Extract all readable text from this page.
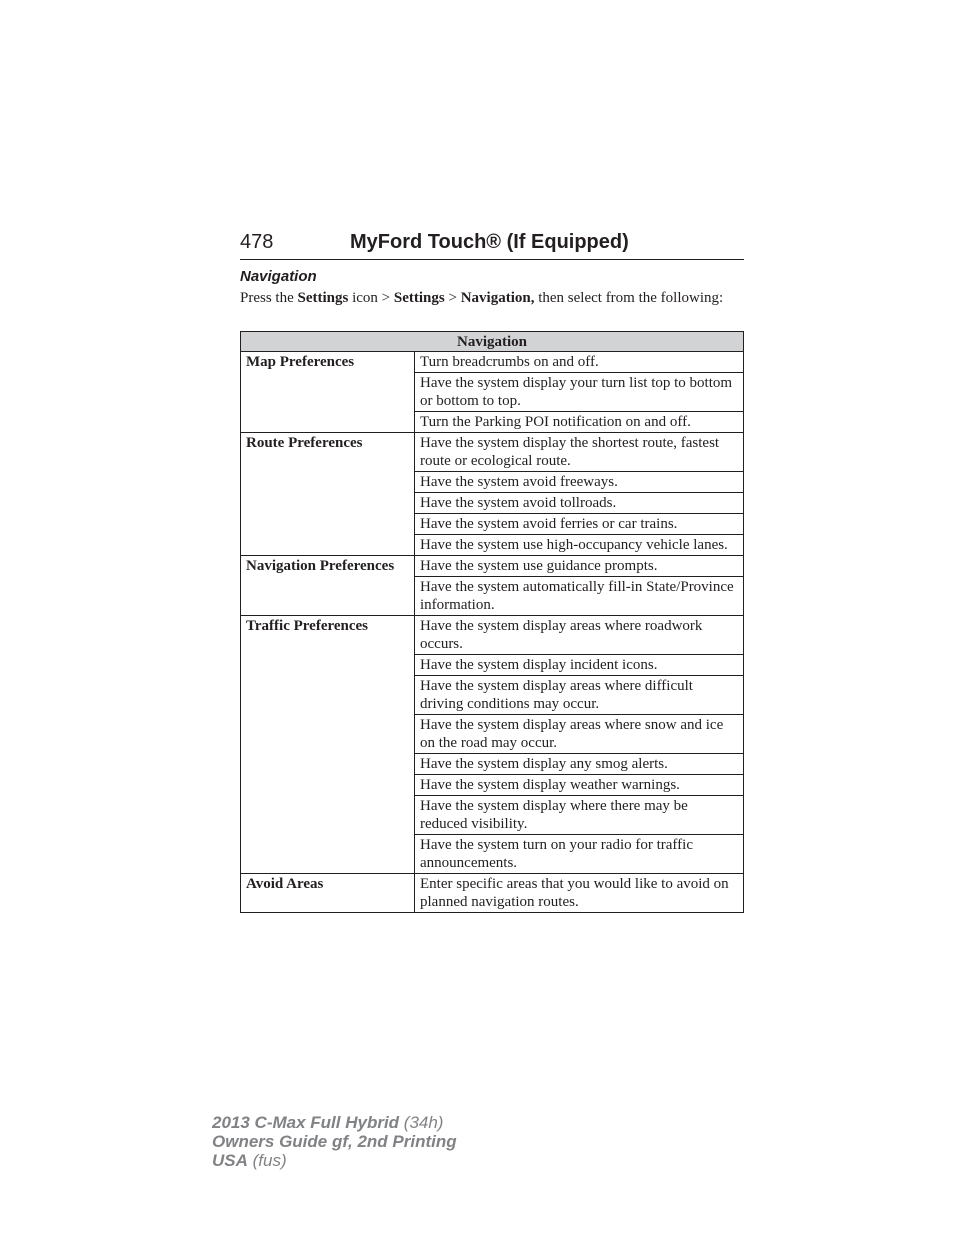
478	MyFord Touch® (If Equipped)
Navigation
Press the Settings icon > Settings > Navigation, then select from the following:
Navigation	
Map Preferences	Turn breadcrumbs on and off.
	Have the system display your turn list top to bottom or bottom to top.
	Turn the Parking POI notification on and off.
Route Preferences	Have the system display the shortest route, fastest route or ecological route.
	Have the system avoid freeways.
	Have the system avoid tollroads.
	Have the system avoid ferries or car trains.
	Have the system use high-occupancy vehicle lanes.
Navigation Preferences	Have the system use guidance prompts.
	Have the system automatically fill-in State/Province information.
Traffic Preferences	Have the system display areas where roadwork occurs.
	Have the system display incident icons.
	Have the system display areas where difficult driving conditions may occur.
	Have the system display areas where snow and ice on the road may occur.
	Have the system display any smog alerts.
	Have the system display weather warnings.
	Have the system display where there may be reduced visibility.
	Have the system turn on your radio for traffic announcements.
Avoid Areas	Enter specific areas that you would like to avoid on planned navigation routes.
2013 C-Max Full Hybrid (34h)
Owners Guide gf, 2nd Printing
USA (fus)
